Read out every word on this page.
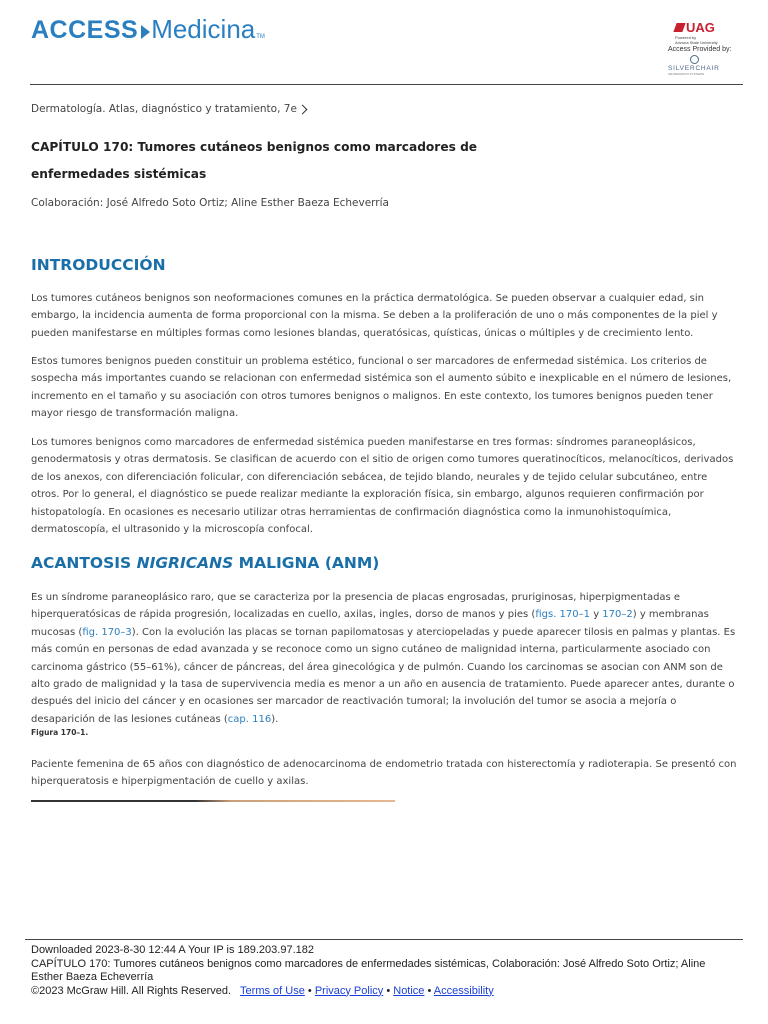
ACCESS Medicina TM
UAG
Powered by
Arizona State University
Access Provided by:
SILVERCHAIR
INFORMATION SYSTEMS
Dermatología. Atlas, diagnóstico y tratamiento, 7e
CAPÍTULO 170: Tumores cutáneos benignos como marcadores de enfermedades sistémicas
Colaboración: José Alfredo Soto Ortiz; Aline Esther Baeza Echeverría
INTRODUCCIÓN
Los tumores cutáneos benignos son neoformaciones comunes en la práctica dermatológica. Se pueden observar a cualquier edad, sin embargo, la incidencia aumenta de forma proporcional con la misma. Se deben a la proliferación de uno o más componentes de la piel y pueden manifestarse en múltiples formas como lesiones blandas, queratósicas, quísticas, únicas o múltiples y de crecimiento lento.
Estos tumores benignos pueden constituir un problema estético, funcional o ser marcadores de enfermedad sistémica. Los criterios de sospecha más importantes cuando se relacionan con enfermedad sistémica son el aumento súbito e inexplicable en el número de lesiones, incremento en el tamaño y su asociación con otros tumores benignos o malignos. En este contexto, los tumores benignos pueden tener mayor riesgo de transformación maligna.
Los tumores benignos como marcadores de enfermedad sistémica pueden manifestarse en tres formas: síndromes paraneoplásicos, genodermatosis y otras dermatosis. Se clasifican de acuerdo con el sitio de origen como tumores queratinocíticos, melanocíticos, derivados de los anexos, con diferenciación folicular, con diferenciación sebácea, de tejido blando, neurales y de tejido celular subcutáneo, entre otros. Por lo general, el diagnóstico se puede realizar mediante la exploración física, sin embargo, algunos requieren confirmación por histopatología. En ocasiones es necesario utilizar otras herramientas de confirmación diagnóstica como la inmunohistoquímica, dermatoscopía, el ultrasonido y la microscopía confocal.
ACANTOSIS NIGRICANS MALIGNA (ANM)
Es un síndrome paraneoplásico raro, que se caracteriza por la presencia de placas engrosadas, pruriginosas, hiperpigmentadas e hiperqueratósicas de rápida progresión, localizadas en cuello, axilas, ingles, dorso de manos y pies (figs. 170–1 y 170–2) y membranas mucosas (fig. 170–3). Con la evolución las placas se tornan papilomatosas y aterciopeladas y puede aparecer tilosis en palmas y plantas. Es más común en personas de edad avanzada y se reconoce como un signo cutáneo de malignidad interna, particularmente asociado con carcinoma gástrico (55–61%), cáncer de páncreas, del área ginecológica y de pulmón. Cuando los carcinomas se asocian con ANM son de alto grado de malignidad y la tasa de supervivencia media es menor a un año en ausencia de tratamiento. Puede aparecer antes, durante o después del inicio del cáncer y en ocasiones ser marcador de reactivación tumoral; la involución del tumor se asocia a mejoría o desaparición de las lesiones cutáneas (cap. 116).
Figura 170–1.
Paciente femenina de 65 años con diagnóstico de adenocarcinoma de endometrio tratada con histerectomía y radioterapia. Se presentó con hiperqueratosis e hiperpigmentación de cuello y axilas.
Downloaded 2023-8-30 12:44 A Your IP is 189.203.97.182
CAPÍTULO 170: Tumores cutáneos benignos como marcadores de enfermedades sistémicas, Colaboración: José Alfredo Soto Ortiz; Aline Esther Baeza Echeverría
©2023 McGraw Hill. All Rights Reserved. Terms of Use • Privacy Policy • Notice • Accessibility
